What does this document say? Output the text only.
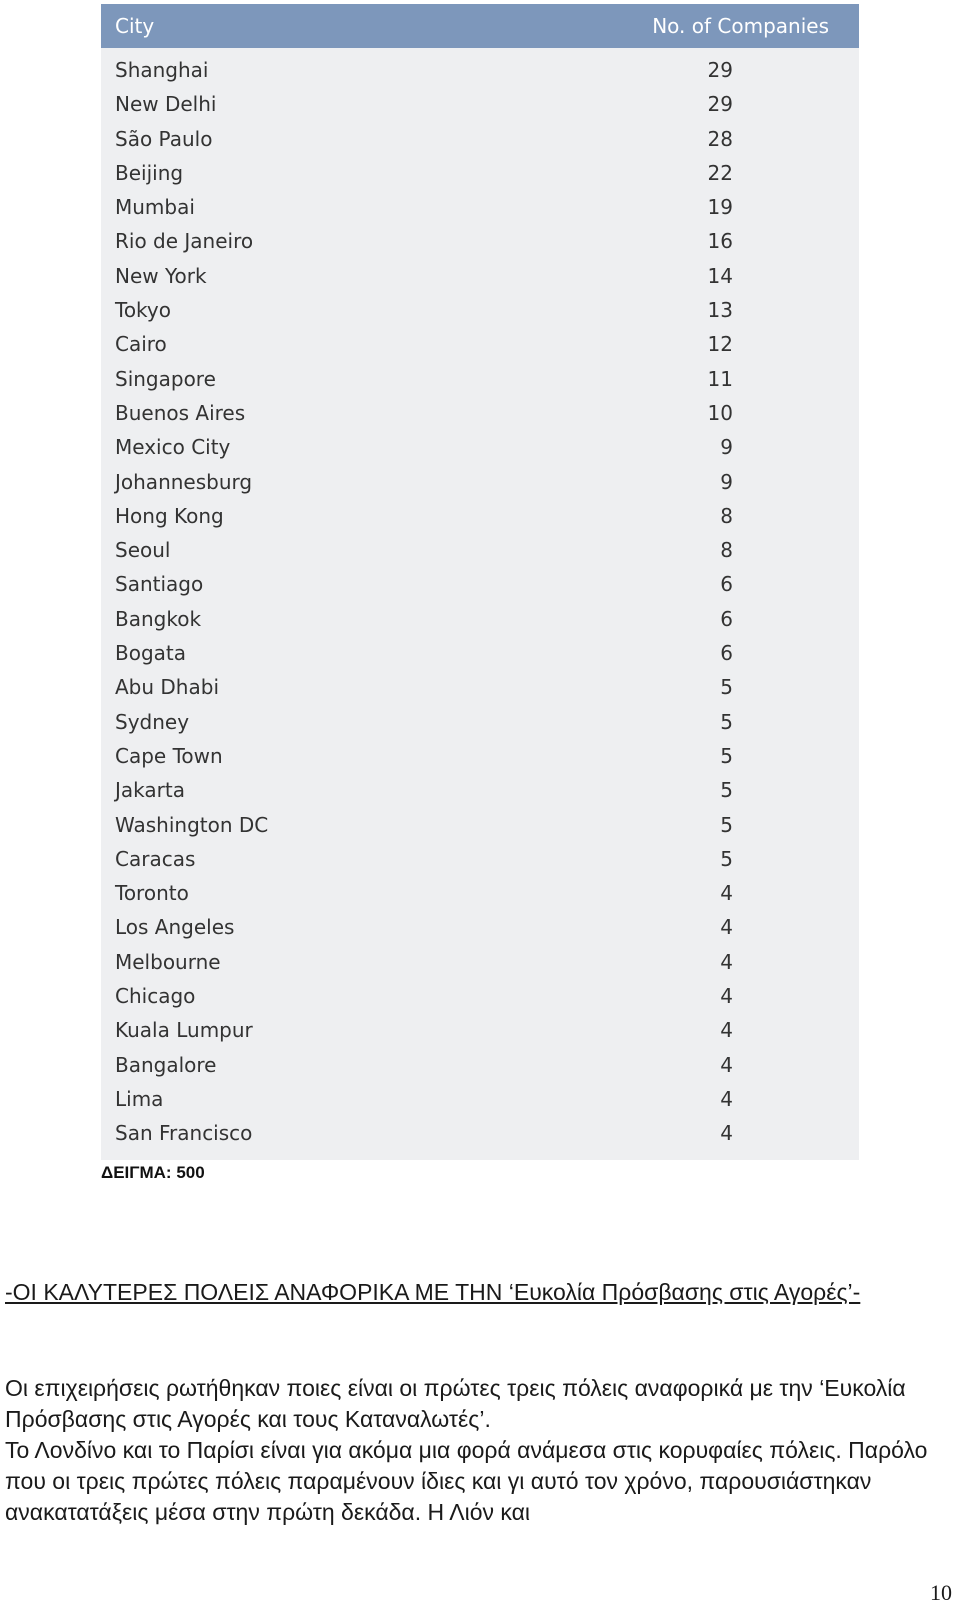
City	No. of Companies
Shanghai	29
New Delhi	29
São Paulo	28
Beijing	22
Mumbai	19
Rio de Janeiro	16
New York	14
Tokyo	13
Cairo	12
Singapore	11
Buenos Aires	10
Mexico City	9
Johannesburg	9
Hong Kong	8
Seoul	8
Santiago	6
Bangkok	6
Bogata	6
Abu Dhabi	5
Sydney	5
Cape Town	5
Jakarta	5
Washington DC	5
Caracas	5
Toronto	4
Los Angeles	4
Melbourne	4
Chicago	4
Kuala Lumpur	4
Bangalore	4
Lima	4
San Francisco	4
ΔΕΙΓΜΑ: 500
-ΟΙ ΚΑΛΥΤΕΡΕΣ ΠΟΛΕΙΣ ΑΝΑΦΟΡΙΚΑ ΜΕ ΤΗΝ ‘Ευκολία Πρόσβασης στις Αγορές’-

Οι επιχειρήσεις ρωτήθηκαν ποιες είναι οι πρώτες τρεις πόλεις αναφορικά με την ‘Ευκολία Πρόσβασης στις Αγορές και τους Καταναλωτές’.

Το Λονδίνο και το Παρίσι είναι για ακόμα μια φορά ανάμεσα στις κορυφαίες πόλεις. Παρόλο που οι τρεις πρώτες πόλεις παραμένουν ίδιες και γι αυτό τον χρόνο, παρουσιάστηκαν ανακατατάξεις μέσα στην πρώτη δεκάδα. Η Λιόν και

10
